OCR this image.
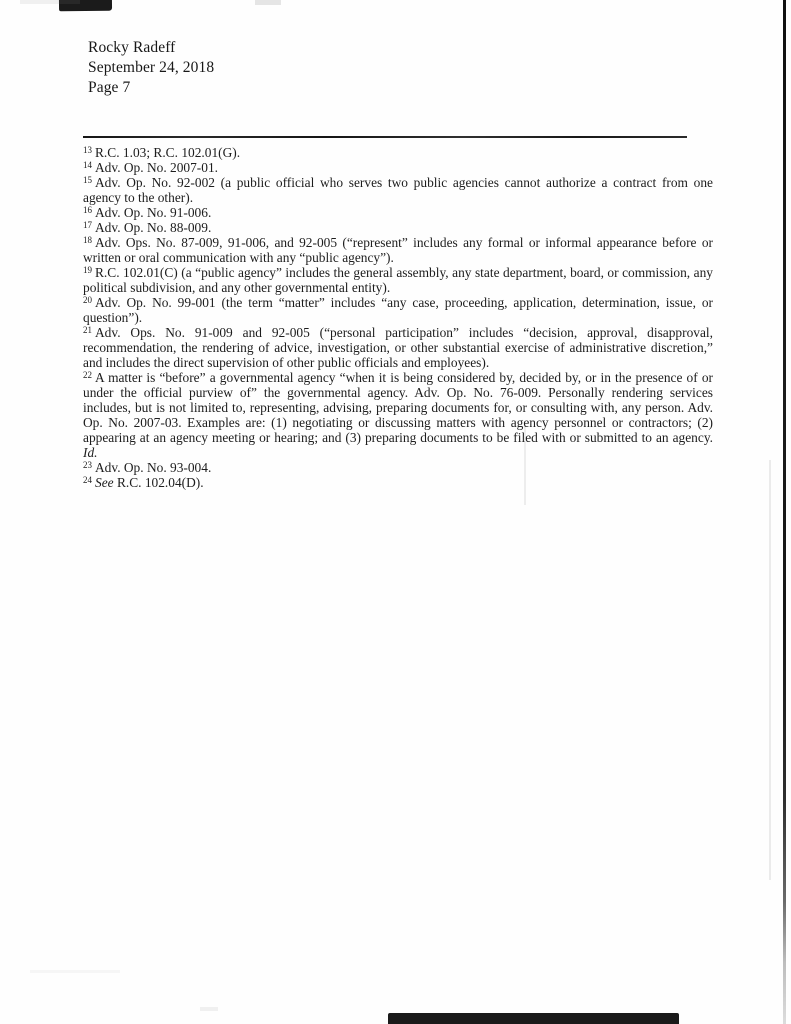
Rocky Radeff
September 24, 2018
Page 7

$^{13}$ R.C. 1.03; R.C. 102.01(G).

$^{14}$ Adv. Op. No. 2007-01.

$^{15}$ Adv. Op. No. 92-002 (a public official who serves two public agencies cannot authorize a contract from one agency to the other).

$^{16}$ Adv. Op. No. 91-006.

$^{17}$ Adv. Op. No. 88-009.

$^{18}$ Adv. Ops. No. 87-009, 91-006, and 92-005 (“represent” includes any formal or informal appearance before or written or oral communication with any “public agency”).

$^{19}$ R.C. 102.01(C) (a “public agency” includes the general assembly, any state department, board, or commission, any political subdivision, and any other governmental entity).

$^{20}$ Adv. Op. No. 99-001 (the term “matter” includes “any case, proceeding, application, determination, issue, or question”).

$^{21}$ Adv. Ops. No. 91-009 and 92-005 (“personal participation” includes “decision, approval, disapproval, recommendation, the rendering of advice, investigation, or other substantial exercise of administrative discretion,” and includes the direct supervision of other public officials and employees).

$^{22}$ A matter is “before” a governmental agency “when it is being considered by, decided by, or in the presence of or under the official purview of” the governmental agency. Adv. Op. No. 76-009. Personally rendering services includes, but is not limited to, representing, advising, preparing documents for, or consulting with, any person. Adv. Op. No. 2007-03. Examples are: (1) negotiating or discussing matters with agency personnel or contractors; (2) appearing at an agency meeting or hearing; and (3) preparing documents to be filed with or submitted to an agency. Id.

$^{23}$ Adv. Op. No. 93-004.

$^{24}$ See R.C. 102.04(D).
